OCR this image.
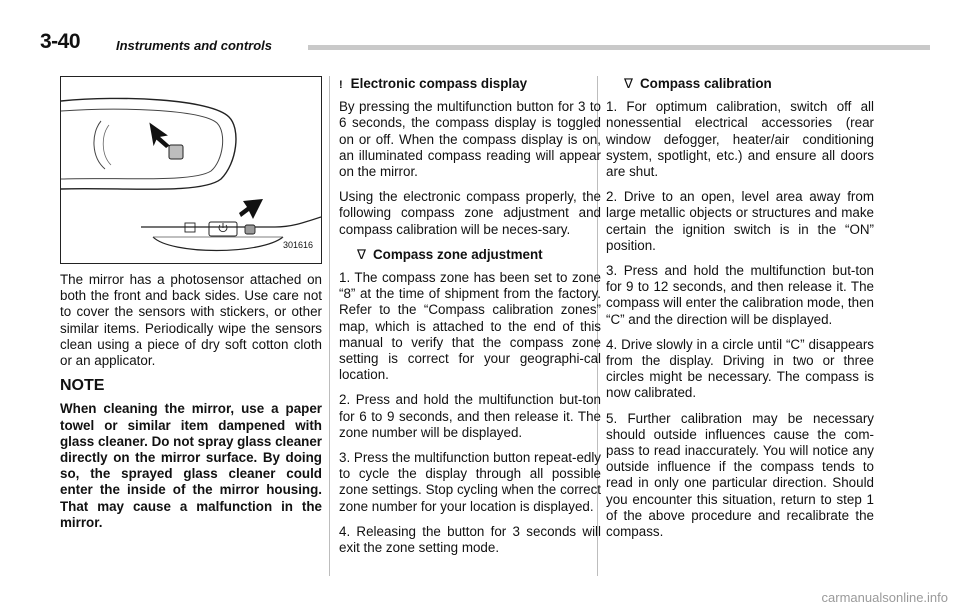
3-40	Instruments and controls
301616

The mirror has a photosensor attached on both the front and back sides. Use care not to cover the sensors with stickers, or other similar items. Periodically wipe the sensors clean using a piece of dry soft cotton cloth or an applicator.

NOTE

When cleaning the mirror, use a paper towel or similar item dampened with glass cleaner. Do not spray glass cleaner directly on the mirror surface. By doing so, the sprayed glass cleaner could enter the inside of the mirror housing. That may cause a malfunction in the mirror.

! Electronic compass display

By pressing the multifunction button for 3 to 6 seconds, the compass display is toggled on or off. When the compass display is on, an illuminated compass reading will appear on the mirror.

Using the electronic compass properly, the following compass zone adjustment and compass calibration will be neces-sary.

∇ Compass zone adjustment

1. The compass zone has been set to zone “8” at the time of shipment from the factory. Refer to the “Compass calibration zones” map, which is attached to the end of this manual to verify that the compass zone setting is correct for your geographi-cal location.

2. Press and hold the multifunction but-ton for 6 to 9 seconds, and then release it. The zone number will be displayed.

3. Press the multifunction button repeat-edly to cycle the display through all possible zone settings. Stop cycling when the correct zone number for your location is displayed.

4. Releasing the button for 3 seconds will exit the zone setting mode.

∇ Compass calibration

1. For optimum calibration, switch off all nonessential electrical accessories (rear window defogger, heater/air conditioning system, spotlight, etc.) and ensure all doors are shut.

2. Drive to an open, level area away from large metallic objects or structures and make certain the ignition switch is in the “ON” position.

3. Press and hold the multifunction but-ton for 9 to 12 seconds, and then release it. The compass will enter the calibration mode, then “C” and the direction will be displayed.

4. Drive slowly in a circle until “C” disappears from the display. Driving in two or three circles might be necessary. The compass is now calibrated.

5. Further calibration may be necessary should outside influences cause the com-pass to read inaccurately. You will notice any outside influence if the compass tends to read in only one particular direction. Should you encounter this situation, return to step 1 of the above procedure and recalibrate the compass.

carmanualsonline.info
